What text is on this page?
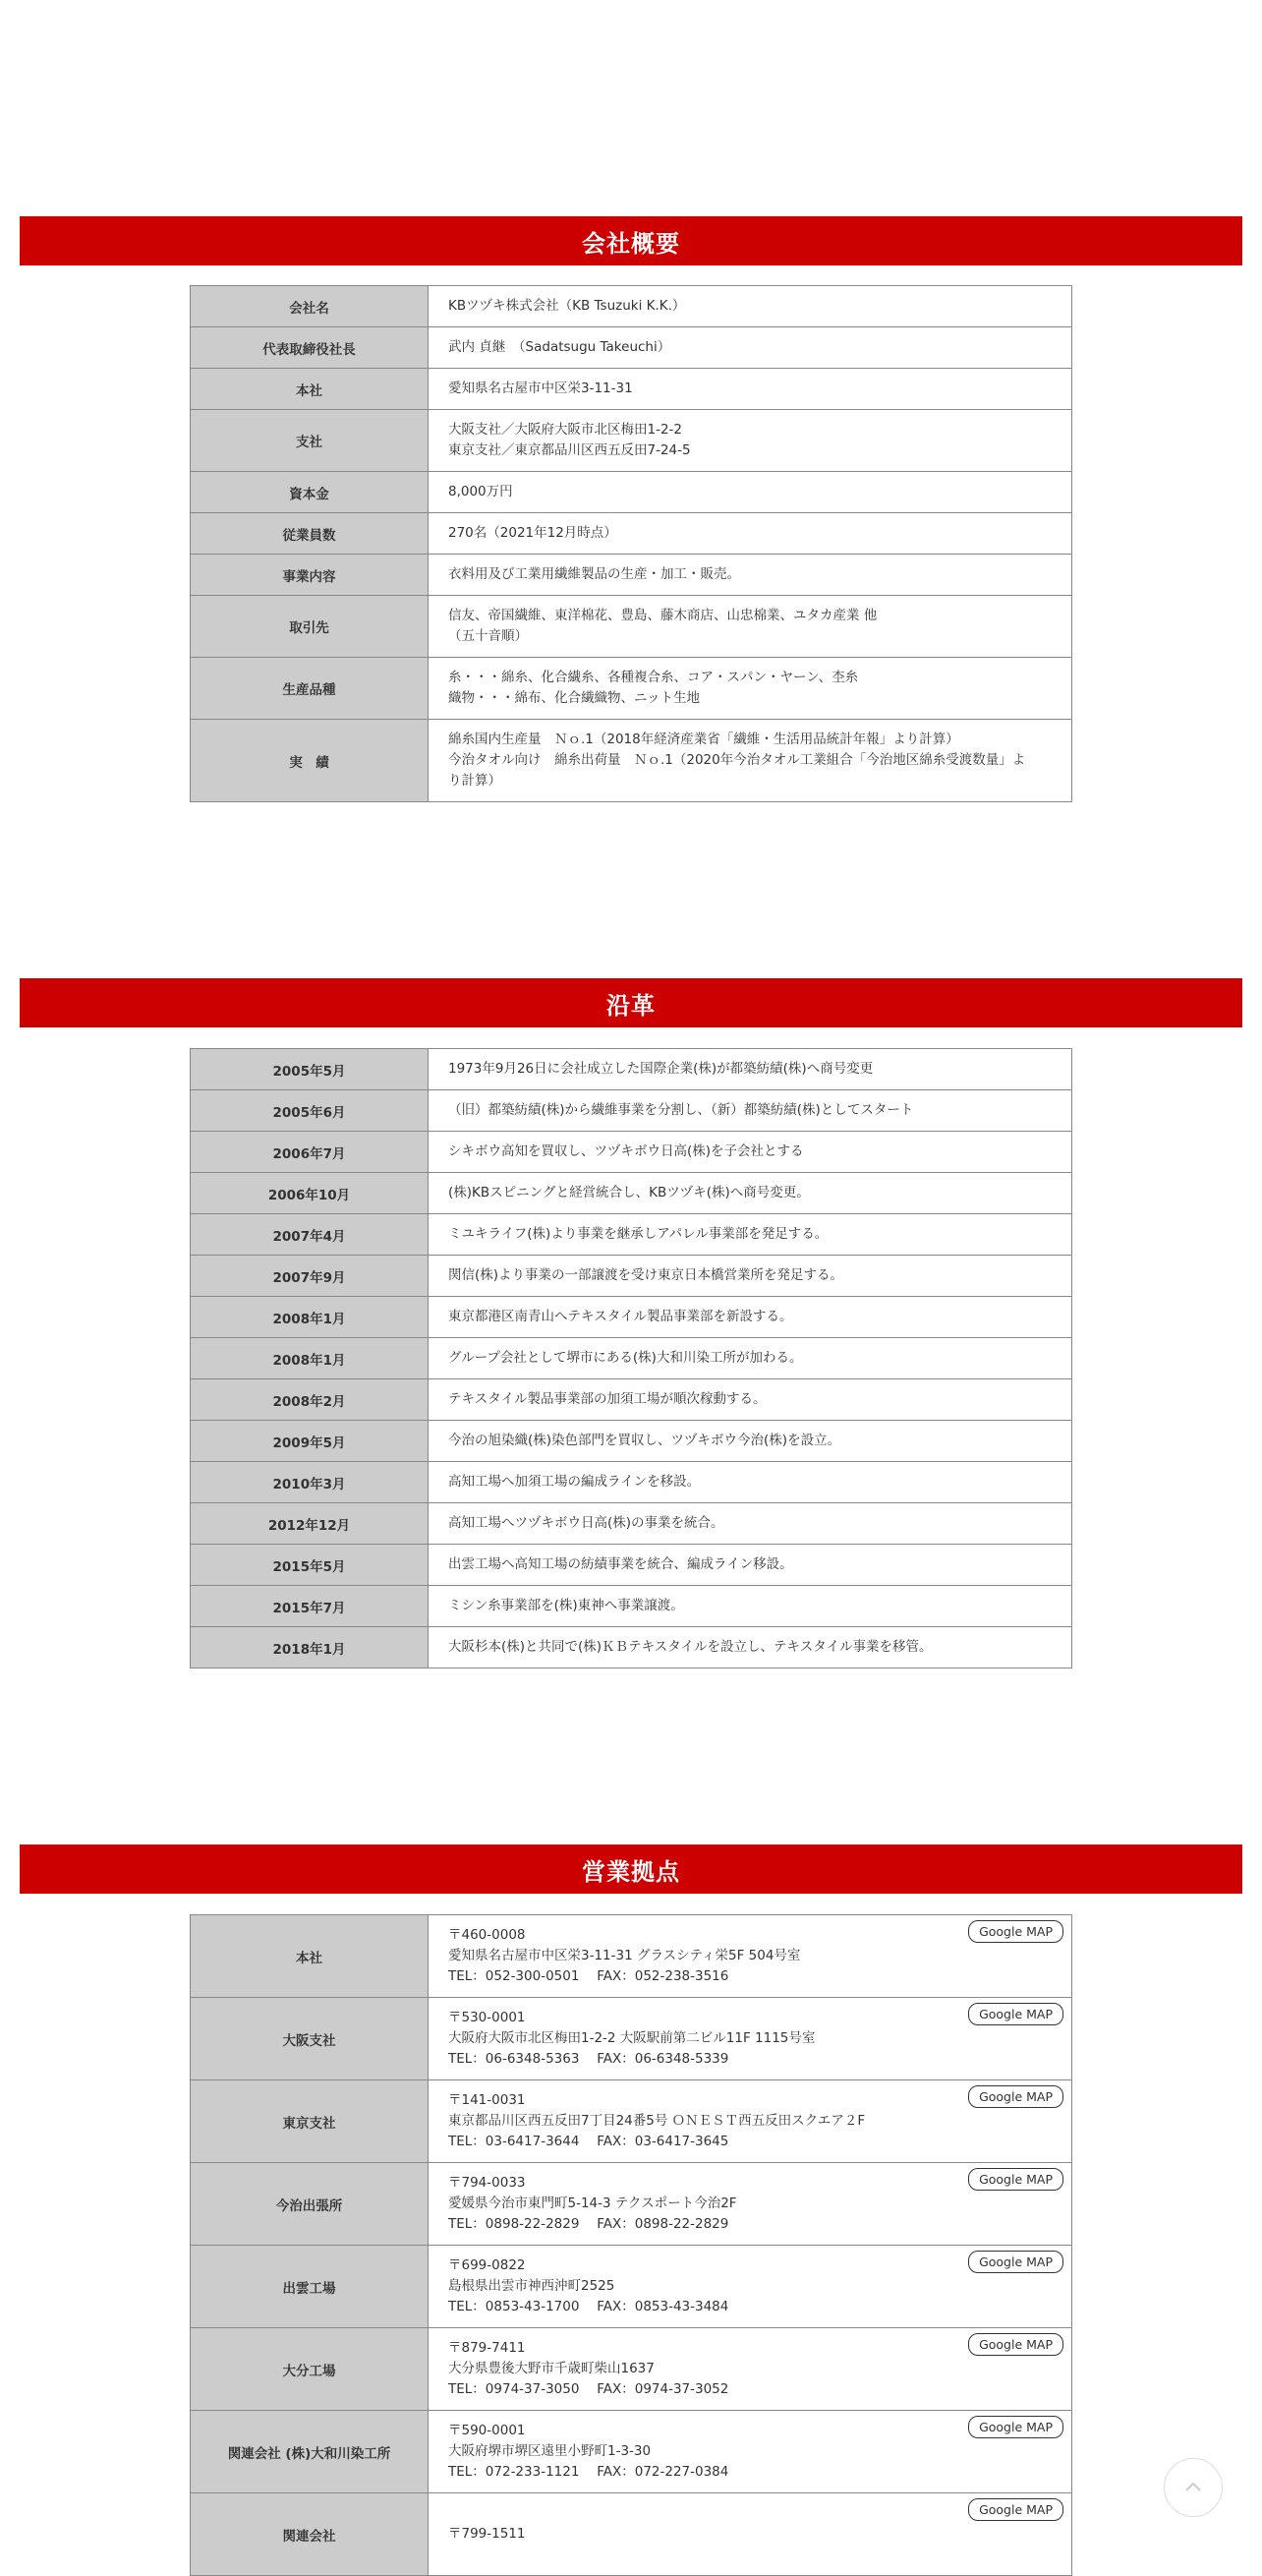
会社概要
会社名	KBツヅキ株式会社（KB Tsuzuki K.K.）

代表取締役社長	武内 貞継　（Sadatsugu Takeuchi）

本社	愛知県名古屋市中区栄3-11-31

支社	大阪支社／大阪府大阪市北区梅田1-2-2
東京支社／東京都品川区西五反田7-24-5

資本金	8,000万円

従業員数	270名（2021年12月時点）

事業内容	衣料用及び工業用繊維製品の生産・加工・販売。

取引先	信友、帝国繊維、東洋棉花、豊島、藤木商店、山忠棉業、ユタカ産業 他
（五十音順）

生産品種	糸・・・綿糸、化合繊糸、各種複合糸、コア・スパン・ヤーン、杢糸
織物・・・綿布、化合繊織物、ニット生地

実　績	綿糸国内生産量　Ｎｏ.1（2018年経済産業省「繊維・生活用品統計年報」より計算）
今治タオル向け　綿糸出荷量　Ｎｏ.1（2020年今治タオル工業組合「今治地区綿糸受渡数量」よ
り計算）
沿革
2005年5月	1973年9月26日に会社成立した国際企業(株)が都築紡績(株)へ商号変更
2005年6月	（旧）都築紡績(株)から繊維事業を分割し、（新）都築紡績(株)としてスタート
2006年7月	シキボウ高知を買収し、ツヅキボウ日高(株)を子会社とする
2006年10月	(株)KBスピニングと経営統合し、KBツヅキ(株)へ商号変更。
2007年4月	ミユキライフ(株)より事業を継承しアパレル事業部を発足する。
2007年9月	関信(株)より事業の一部譲渡を受け東京日本橋営業所を発足する。
2008年1月	東京都港区南青山へテキスタイル製品事業部を新設する。
2008年1月	グループ会社として堺市にある(株)大和川染工所が加わる。
2008年2月	テキスタイル製品事業部の加須工場が順次稼動する。
2009年5月	今治の旭染織(株)染色部門を買収し、ツヅキボウ今治(株)を設立。
2010年3月	高知工場へ加須工場の編成ラインを移設。
2012年12月	高知工場へツヅキボウ日高(株)の事業を統合。
2015年5月	出雲工場へ高知工場の紡績事業を統合、編成ライン移設。
2015年7月	ミシン糸事業部を(株)東神へ事業譲渡。
2018年1月	大阪杉本(株)と共同で(株)ＫＢテキスタイルを設立し、テキスタイル事業を移管。
営業拠点
本社	〒460-0008
愛知県名古屋市中区栄3-11-31 グラスシティ栄5F 504号室
TEL：052-300-0501　 FAX：052-238-3516
Google MAP

大阪支社	〒530-0001
大阪府大阪市北区梅田1-2-2 大阪駅前第二ビル11F 1115号室
TEL：06-6348-5363　 FAX：06-6348-5339
Google MAP

東京支社	〒141-0031
東京都品川区西五反田7丁目24番5号 ＯＮＥＳＴ西五反田スクエア２F
TEL：03-6417-3644　 FAX：03-6417-3645
Google MAP

今治出張所	〒794-0033
愛媛県今治市東門町5-14-3 テクスポート今治2F
TEL：0898-22-2829　 FAX：0898-22-2829
Google MAP

出雲工場	〒699-0822
島根県出雲市神西沖町2525
TEL：0853-43-1700　 FAX：0853-43-3484
Google MAP

大分工場	〒879-7411
大分県豊後大野市千歳町柴山1637
TEL：0974-37-3050　 FAX：0974-37-3052
Google MAP

関連会社 (株)大和川染工所	〒590-0001
大阪府堺市堺区遠里小野町1-3-30
TEL：072-233-1121　 FAX：072-227-0384
Google MAP

関連会社	〒799-1511
Google MAP
